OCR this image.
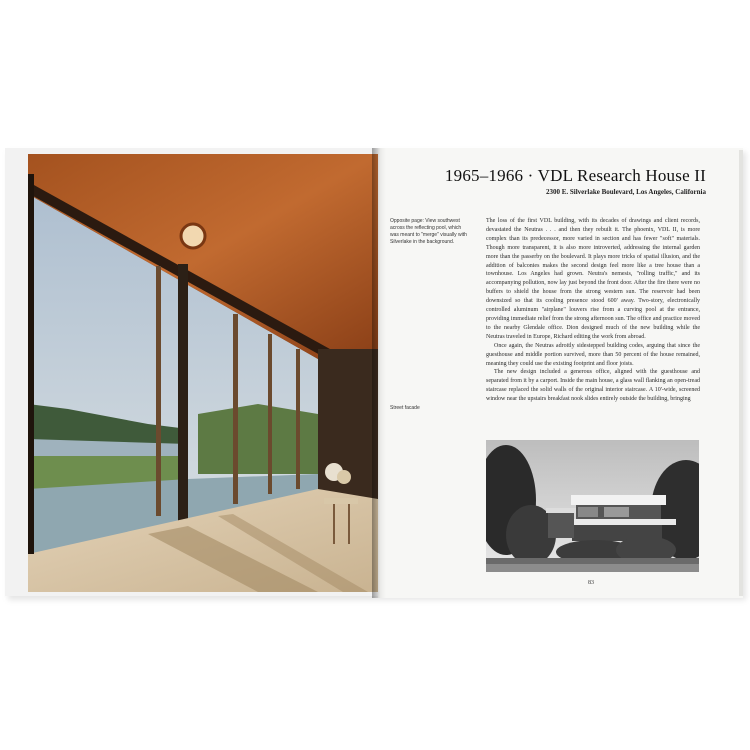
1965–1966 · VDL Research House II
2300 E. Silverlake Boulevard, Los Angeles, California
Opposite page: View southwest across the reflecting pool, which was meant to "merge" visually with Silverlake in the background.
Street facade

The loss of the first VDL building, with its decades of drawings and client records, devastated the Neutras . . . and then they rebuilt it. The phoenix, VDL II, is more complex than its predecessor, more varied in section and has fewer "soft" materials. Though more transparent, it is also more introverted, addressing the internal garden more than the passerby on the boulevard. It plays more tricks of spatial illusion, and the addition of balconies makes the second design feel more like a tree house than a townhouse. Los Angeles had grown. Neutra's nemesis, "rolling traffic," and its accompanying pollution, now lay just beyond the front door. After the fire there were no buffers to shield the house from the strong western sun. The reservoir had been downsized so that its cooling presence stood 600' away. Two-story, electronically controlled aluminum "airplane" louvers rise from a curving pool at the entrance, providing immediate relief from the strong afternoon sun. The office and practice moved to the nearby Glendale office. Dion designed much of the new building while the Neutras traveled in Europe, Richard editing the work from abroad.

Once again, the Neutras adroitly sidestepped building codes, arguing that since the guesthouse and middle portion survived, more than 50 percent of the house remained, meaning they could use the existing footprint and floor joists.

The new design included a generous office, aligned with the guesthouse and separated from it by a carport. Inside the main house, a glass wall flanking an open-tread staircase replaced the solid walls of the original interior staircase. A 10'-wide, screened window near the upstairs breakfast nook slides entirely outside the building, bringing

83
